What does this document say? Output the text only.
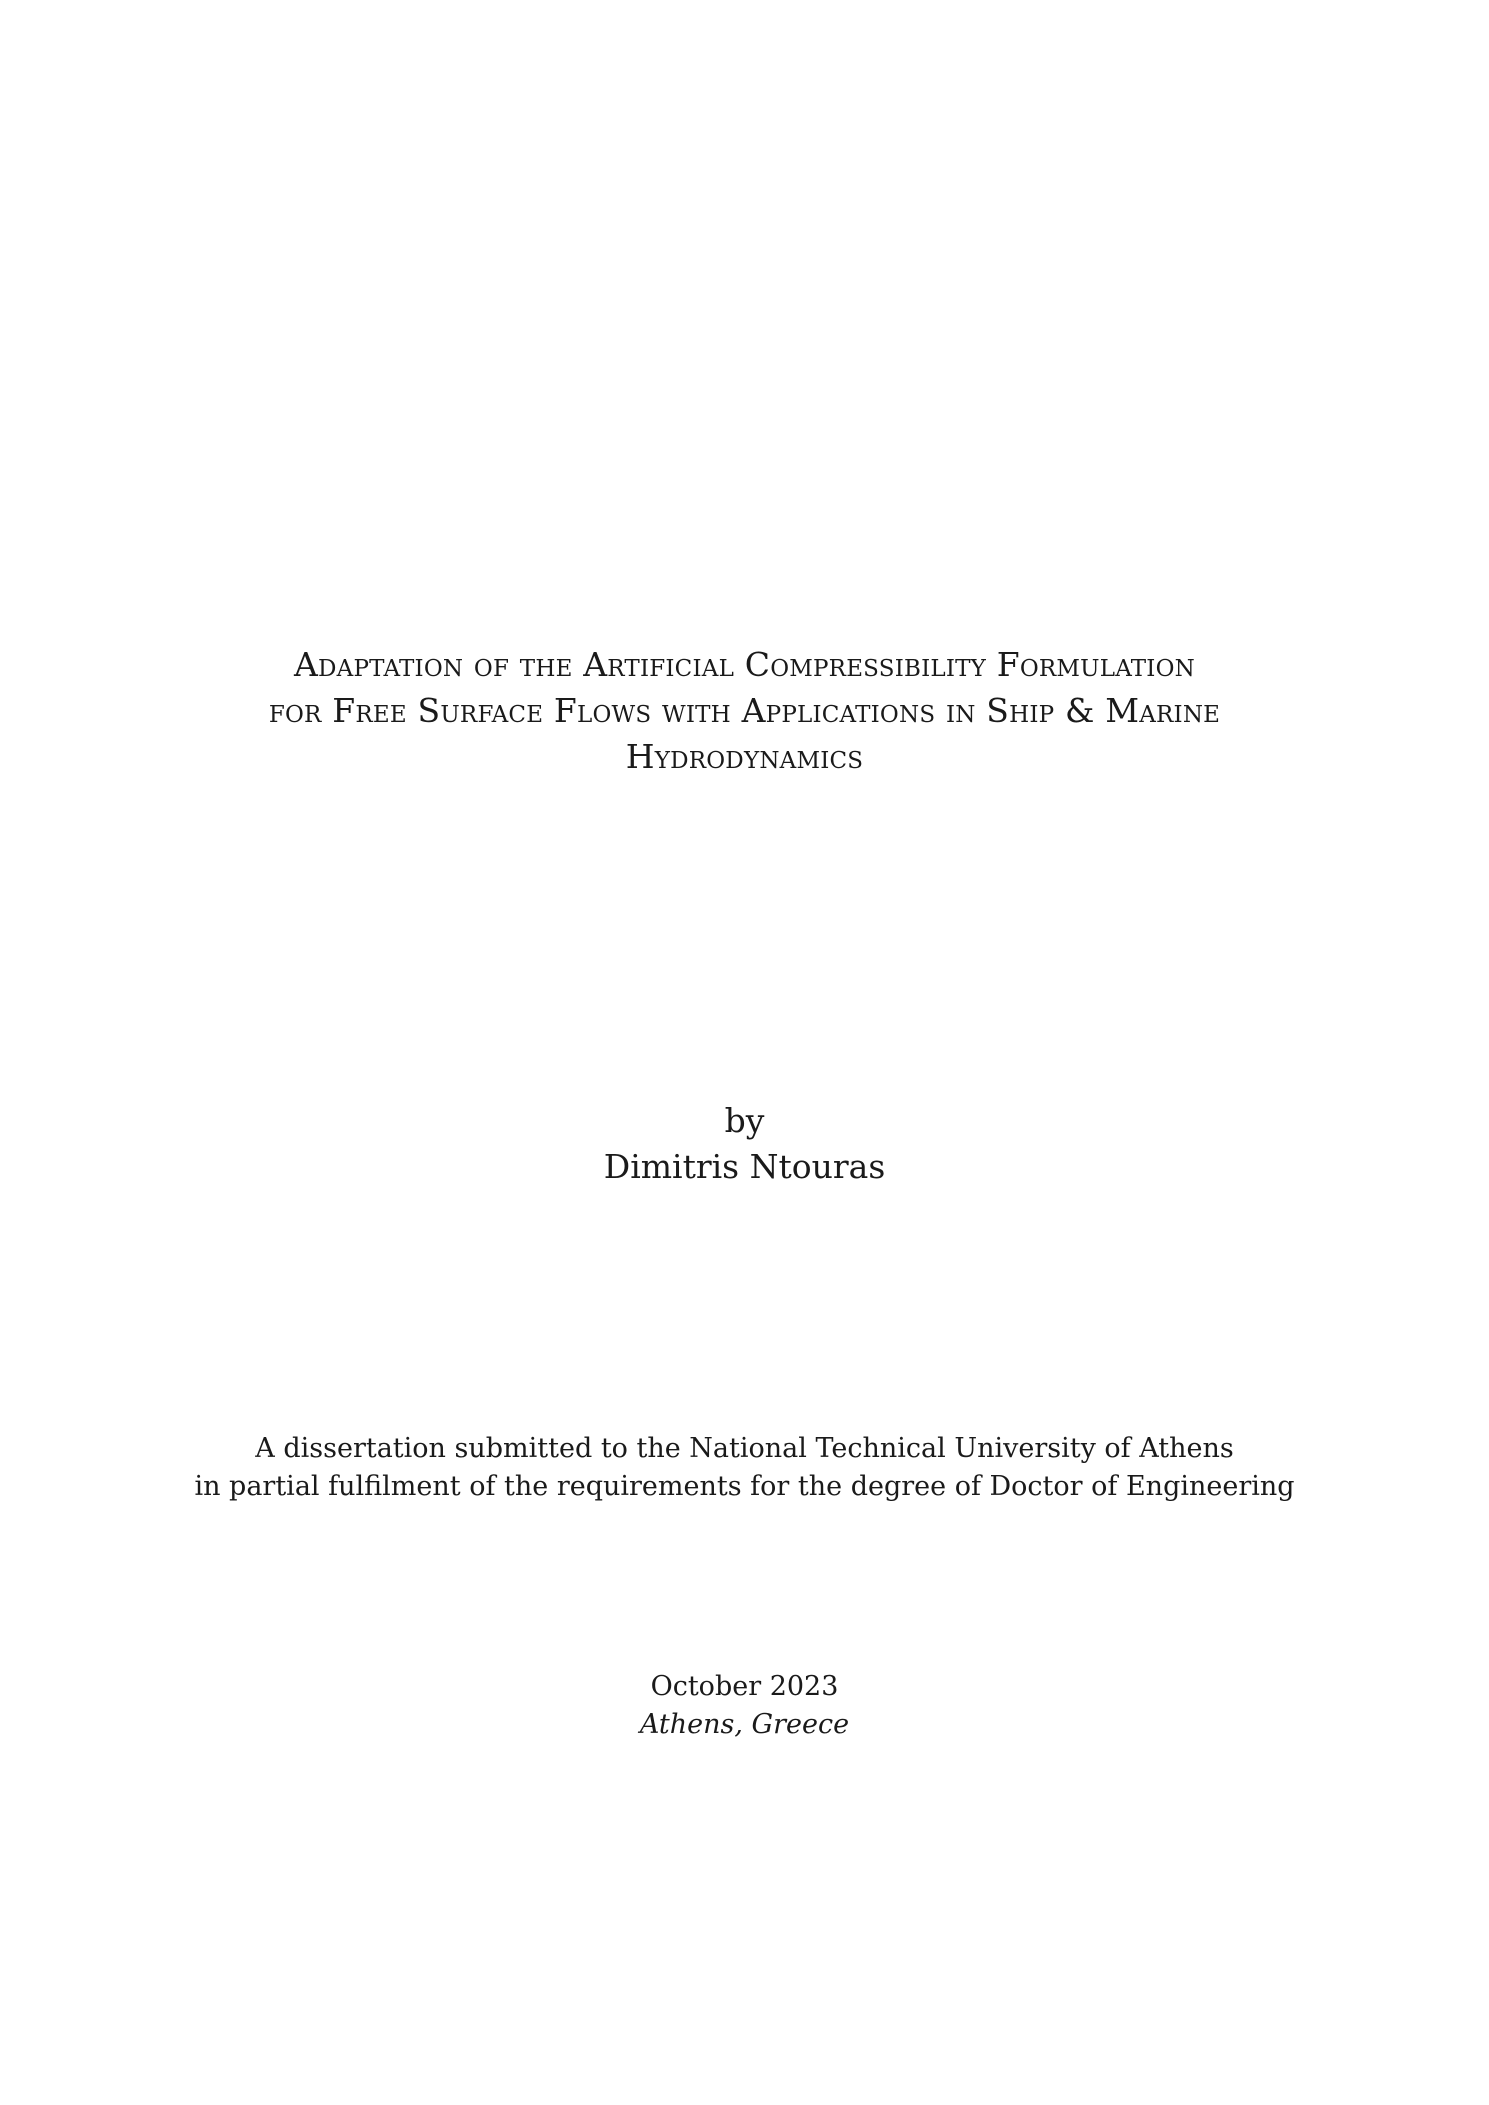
Adaptation of the Artificial Compressibility Formulation
for Free Surface Flows with Applications in Ship & Marine
Hydrodynamics
by
Dimitris Ntouras
A dissertation submitted to the National Technical University of Athens
in partial fulfilment of the requirements for the degree of Doctor of Engineering
October 2023
Athens, Greece
